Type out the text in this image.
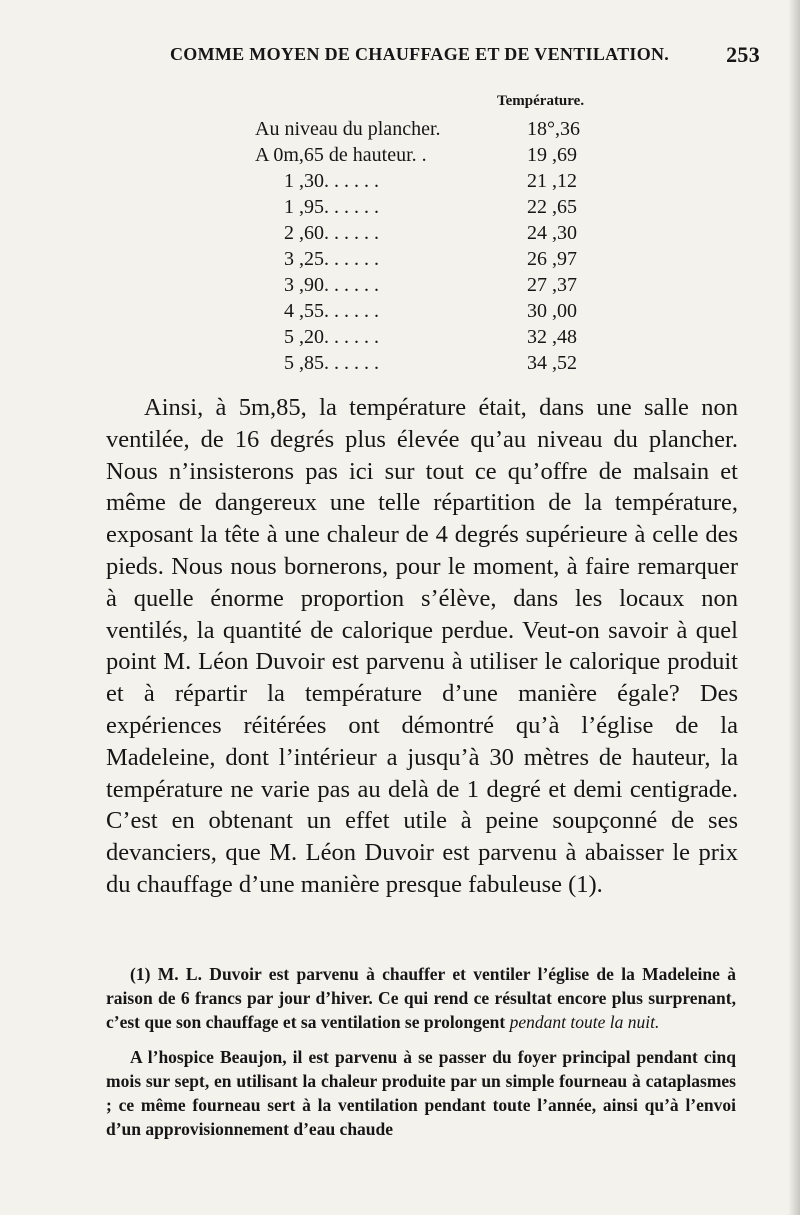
COMME MOYEN DE CHAUFFAGE ET DE VENTILATION.	253
Température.
Au niveau du plancher.	18°,36
A 0m,65 de hauteur. .	19 ,69
1 ,30. . . . . .	21 ,12
1 ,95. . . . . .	22 ,65
2 ,60. . . . . .	24 ,30
3 ,25. . . . . .	26 ,97
3 ,90. . . . . .	27 ,37
4 ,55. . . . . .	30 ,00
5 ,20. . . . . .	32 ,48
5 ,85. . . . . .	34 ,52

Ainsi, à 5m,85, la température était, dans une salle non ventilée, de 16 degrés plus élevée qu’au niveau du plancher. Nous n’insisterons pas ici sur tout ce qu’offre de malsain et même de dangereux une telle répartition de la température, exposant la tête à une chaleur de 4 degrés supérieure à celle des pieds. Nous nous bornerons, pour le moment, à faire remarquer à quelle énorme proportion s’élève, dans les locaux non ventilés, la quantité de calorique perdue. Veut-on savoir à quel point M. Léon Duvoir est parvenu à utiliser le calorique produit et à répartir la température d’une manière égale? Des expériences réitérées ont démontré qu’à l’église de la Madeleine, dont l’intérieur a jusqu’à 30 mètres de hauteur, la température ne varie pas au delà de 1 degré et demi centigrade. C’est en obtenant un effet utile à peine soupçonné de ses devanciers, que M. Léon Duvoir est parvenu à abaisser le prix du chauffage d’une manière presque fabuleuse (1).

(1) M. L. Duvoir est parvenu à chauffer et ventiler l’église de la Madeleine à raison de 6 francs par jour d’hiver. Ce qui rend ce résultat encore plus surprenant, c’est que son chauffage et sa ventilation se prolongent pendant toute la nuit.

A l’hospice Beaujon, il est parvenu à se passer du foyer principal pendant cinq mois sur sept, en utilisant la chaleur produite par un simple fourneau à cataplasmes ; ce même fourneau sert à la ventilation pendant toute l’année, ainsi qu’à l’envoi d’un approvisionnement d’eau chaude
